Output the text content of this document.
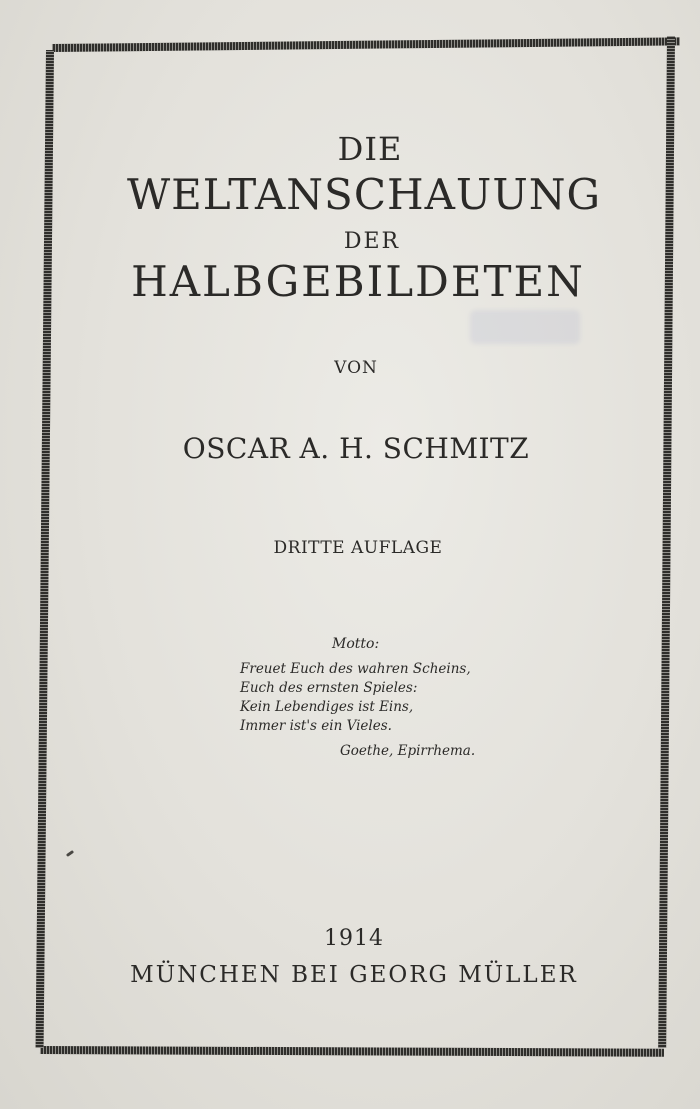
DIE
WELTANSCHAUUNG
DER
HALBGEBILDETEN
VON
OSCAR A. H. SCHMITZ
DRITTE AUFLAGE
Motto:
Freuet Euch des wahren Scheins,
Euch des ernsten Spieles:
Kein Lebendiges ist Eins,
Immer ist's ein Vieles.
Goethe, Epirrhema.
1914
MÜNCHEN BEI GEORG MÜLLER
